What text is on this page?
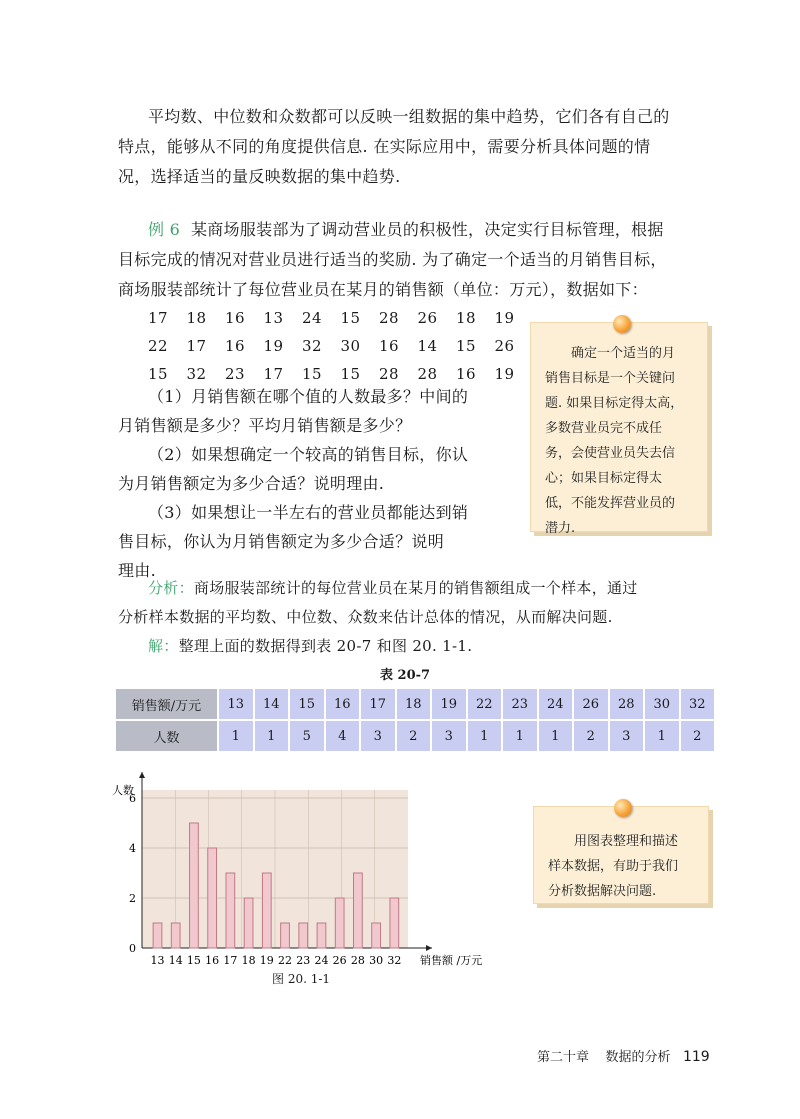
平均数、中位数和众数都可以反映一组数据的集中趋势，它们各有自己的
特点，能够从不同的角度提供信息. 在实际应用中，需要分析具体问题的情
况，选择适当的量反映数据的集中趋势.
例 6 某商场服装部为了调动营业员的积极性，决定实行目标管理，根据
目标完成的情况对营业员进行适当的奖励. 为了确定一个适当的月销售目标，
商场服装部统计了每位营业员在某月的销售额（单位：万元），数据如下：
17 18 16 13 24 15 28 26 18 19
22 17 16 19 32 30 16 14 15 26
15 32 23 17 15 15 28 28 16 19
（1）月销售额在哪个值的人数最多？中间的
月销售额是多少？平均月销售额是多少？
（2）如果想确定一个较高的销售目标，你认
为月销售额定为多少合适？说明理由.
（3）如果想让一半左右的营业员都能达到销
售目标，你认为月销售额定为多少合适？说明
理由.
确定一个适当的月
销售目标是一个关键问
题. 如果目标定得太高，
多数营业员完不成任
务，会使营业员失去信
心；如果目标定得太
低，不能发挥营业员的
潜力.
分析：商场服装部统计的每位营业员在某月的销售额组成一个样本，通过
分析样本数据的平均数、中位数、众数来估计总体的情况，从而解决问题.
解：整理上面的数据得到表 20-7 和图 20. 1-1.
表 20-7
销售额/万元	13	14	15	16	17	18	19	22	23	24	26	28	30	32
人数	1	1	5	4	3	2	3	1	1	1	2	3	1	2
0
2
4
6
人数
销售额 /万元
13 14 15 16 17 18 19 22 23 24 26 28 30 32
图 20. 1-1
用图表整理和描述
样本数据，有助于我们
分析数据解决问题.
第二十章 数据的分析 119
